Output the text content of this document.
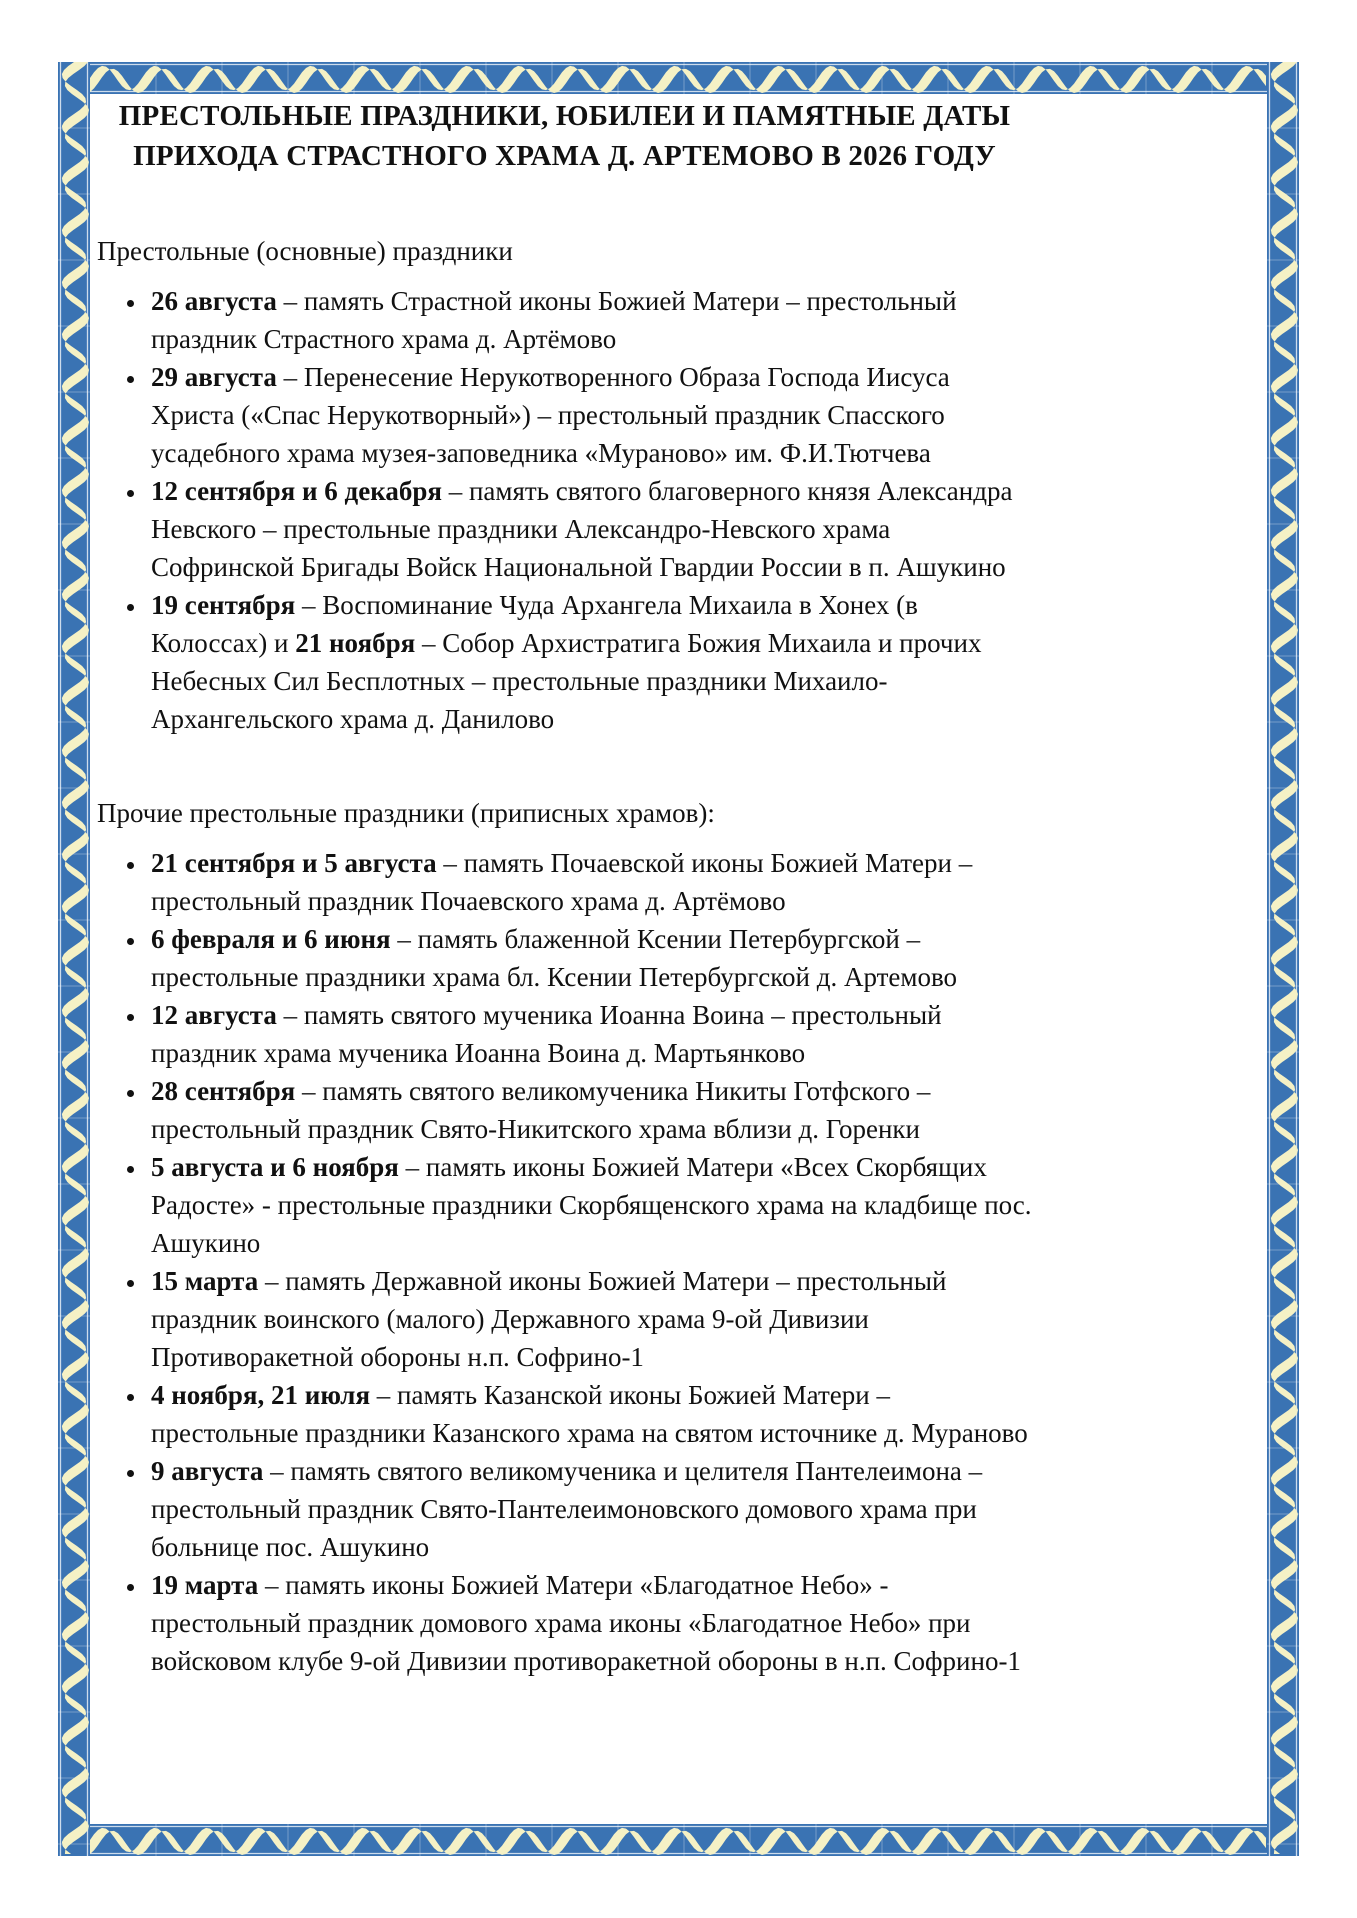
ПРЕСТОЛЬНЫЕ ПРАЗДНИКИ, ЮБИЛЕИ И ПАМЯТНЫЕ ДАТЫ
ПРИХОДА СТРАСТНОГО ХРАМА Д. АРТЕМОВО В 2026 ГОДУ

Престольные (основные) праздники

• 26 августа – память Страстной иконы Божией Матери – престольный праздник Страстного храма д. Артёмово
• 29 августа – Перенесение Нерукотворенного Образа Господа Иисуса Христа («Спас Нерукотворный») – престольный праздник Спасского усадебного храма музея-заповедника «Мураново» им. Ф.И.Тютчева
• 12 сентября и 6 декабря – память святого благоверного князя Александра Невского – престольные праздники Александро-Невского храма Софринской Бригады Войск Национальной Гвардии России в п. Ашукино
• 19 сентября – Воспоминание Чуда Архангела Михаила в Хонех (в Колоссах) и 21 ноября – Собор Архистратига Божия Михаила и прочих Небесных Сил Бесплотных – престольные праздники Михаило-Архангельского храма д. Данилово

Прочие престольные праздники (приписных храмов):

• 21 сентября и 5 августа – память Почаевской иконы Божией Матери – престольный праздник Почаевского храма д. Артёмово
• 6 февраля и 6 июня – память блаженной Ксении Петербургской – престольные праздники храма бл. Ксении Петербургской д. Артемово
• 12 августа – память святого мученика Иоанна Воина – престольный праздник храма мученика Иоанна Воина д. Мартьянково
• 28 сентября – память святого великомученика Никиты Готфского – престольный праздник Свято-Никитского храма вблизи д. Горенки
• 5 августа и 6 ноября – память иконы Божией Матери «Всех Скорбящих Радосте» - престольные праздники Скорбященского храма на кладбище пос. Ашукино
• 15 марта – память Державной иконы Божией Матери – престольный праздник воинского (малого) Державного храма 9-ой Дивизии Противоракетной обороны н.п. Софрино-1
• 4 ноября, 21 июля – память Казанской иконы Божией Матери – престольные праздники Казанского храма на святом источнике д. Мураново
• 9 августа – память святого великомученика и целителя Пантелеимона – престольный праздник Свято-Пантелеимоновского домового храма при больнице пос. Ашукино
• 19 марта – память иконы Божией Матери «Благодатное Небо» - престольный праздник домового храма иконы «Благодатное Небо» при войсковом клубе 9-ой Дивизии противоракетной обороны в н.п. Софрино-1
